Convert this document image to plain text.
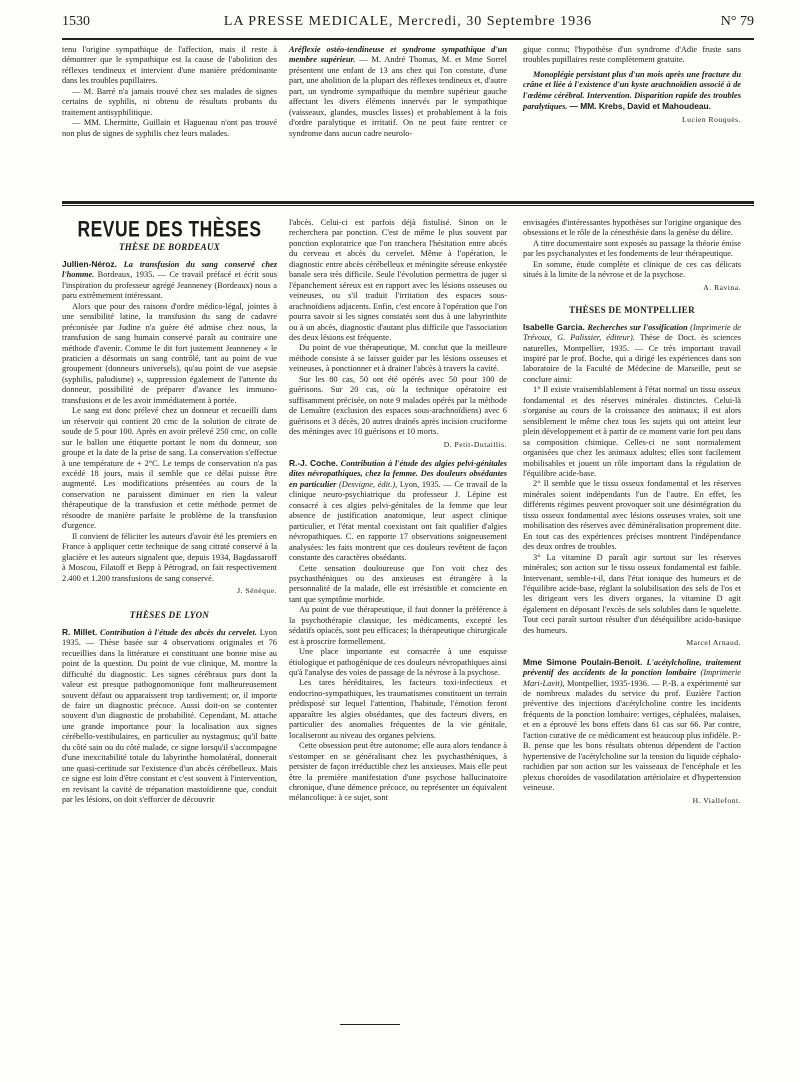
1530	LA PRESSE MEDICALE, Mercredi, 30 Septembre 1936	N° 79

tenu l'origine sympathique de l'affection, mais il reste à démontrer que le sympathique est la cause de l'abolition des réflexes tendineux et intervient d'une manière prédominante dans les troubles pupillaires.

— M. Barré n'a jamais trouvé chez ses malades de signes certains de syphilis, ni obtenu de résultats probants du traitement antisyphilitique.

— MM. Lhermitte, Guillain et Haguenau n'ont pas trouvé non plus de signes de syphilis chez leurs malades.

Aréflexie ostéo-tendineuse et syndrome sympathique d'un membre supérieur. — M. André Thomas, M. et Mme Sorrel présentent une enfant de 13 ans chez qui l'on constate, d'une part, une abolition de la plupart des réflexes tendineux et, d'autre part, un syndrome sympathique du membre supérieur gauche affectant les divers éléments innervés par le sympathique (vaisseaux, glandes, muscles lisses) et probablement à la fois d'ordre paralytique et irritatif. On ne peut faire rentrer ce syndrome dans aucun cadre neurolo-

gique connu; l'hypothèse d'un syndrome d'Adie fruste sans troubles pupillaires reste complètement gratuite.

Monoplégie persistant plus d'un mois après une fracture du crâne et liée à l'existence d'un kyste arachnoïdien associé à de l'œdème cérébral. Intervention. Disparition rapide des troubles paralytiques. — MM. Krebs, David et Mahoudeau.

Lucien Rouquès.
REVUE DES THÈSES
THÈSE DE BORDEAUX

Jullien-Néroz. La transfusion du sang conservé chez l'homme. Bordeaux, 1935. — Ce travail préfacé et écrit sous l'inspiration du professeur agrégé Jeanneney (Bordeaux) nous a paru extrêmement intéressant.

Alors que pour des raisons d'ordre médico-légal, jointes à une sensibilité latine, la transfusion du sang de cadavre préconisée par Judine n'a guère été admise chez nous, la transfusion de sang humain conservé paraît au contraire une méthode d'avenir. Comme le dit fort justement Jeanneney « le praticien a désormais un sang contrôlé, tant au point de vue groupement (donneurs universels), qu'au point de vue asepsie (syphilis, paludisme) », suppression également de l'attente du donneur, possibilité de préparer d'avance les immuno-transfusions et de les avoir immédiatement à portée.

Le sang est donc prélevé chez un donneur et recueilli dans un réservoir qui contient 20 cmc de la solution de citrate de soude de 5 pour 100. Après en avoir prélevé 250 cmc, on colle sur le ballon une étiquette portant le nom du donneur, son groupe et la date de la prise de sang. La conservation s'effectue à une température de + 2°C. Le temps de conservation n'a pas excédé 18 jours, mais il semble que ce délai puisse être augmenté. Les modifications présentées au cours de la conservation ne paraissent diminuer en rien la valeur thérapeutique de la transfusion et cette méthode permet de résoudre de manière parfaite le problème de la transfusion d'urgence.

Il convient de féliciter les auteurs d'avoir été les premiers en France à appliquer cette technique de sang citraté conservé à la glacière et les auteurs signalent que, depuis 1934, Bagdassaroff à Moscou, Filatoff et Bepp à Pétrograd, on fait respectivement 2.400 et 1.200 transfusions de sang conservé.

J. Sénèque.
THÈSES DE LYON

R. Millet. Contribution à l'étude des abcès du cervelet. Lyon 1935. — Thèse basée sur 4 observations originales et 76 recueillies dans la littérature et constituant une bonne mise au point de la question. Du point de vue clinique, M. montre la difficulté du diagnostic. Les signes cérébraux purs dont la valeur est presque pathognomonique font malheureusement souvent défaut ou apparaissent trop tardivement; or, il importe de faire un diagnostic précoce. Aussi doit-on se contenter souvent d'un diagnostic de probabilité. Cependant, M. attache une grande importance pour la localisation aux signes cérébello-vestibulaires, en particulier au nystagmus; qu'il batte du côté sain ou du côté malade, ce signe lorsqu'il s'accompagne d'une inexcitabilité totale du labyrinthe homolatéral, donnerait une quasi-certitude sur l'existence d'un abcès cérébelleux. Mais ce signe est loin d'être constant et c'est souvent à l'intervention, en revisant la cavité de trépanation mastoïdienne que, conduit par les lésions, on doit s'efforcer de découvrir

l'abcès. Celui-ci est parfois déjà fistulisé. Sinon on le recherchera par ponction. C'est de même le plus souvent par ponction exploratrice que l'on tranchera l'hésitation entre abcès du cerveau et abcès du cervelet. Même à l'opération, le diagnostic entre abcès cérébelleux et méningite séreuse enkystée banale sera très difficile. Seule l'évolution permettra de juger si l'épanchement séreux est en rapport avec les lésions osseuses ou veineuses, ou s'il traduit l'irritation des espaces sous-arachnoïdiens adjacents. Enfin, c'est encore à l'opération que l'on pourra savoir si les signes constatés sont dus à une labyrinthite ou à un abcès, diagnostic d'autant plus difficile que l'association des deux lésions est fréquente.

Du point de vue thérapeutique, M. conclut que la meilleure méthode consiste à se laisser guider par les lésions osseuses et veineuses, à ponctionner et à drainer l'abcès à travers la cavité.

Sur les 80 cas, 50 ont été opérés avec 50 pour 100 de guérisons. Sur 20 cas, où la technique opératoire est suffisamment précisée, on note 9 malades opérés par la méthode de Lemaître (exclusion des espaces sous-arachnoïdiens) avec 6 guérisons et 3 décès, 20 autres drainés après incision cruciforme des méninges avec 10 guérisons et 10 morts.

D. Petit-Dutaillis.

R.-J. Coche. Contribution à l'étude des algies pelvi-génitales dites névropathiques, chez la femme. Des douleurs obsédantes en particulier (Desvigne, édit.), Lyon, 1935. — Ce travail de la clinique neuro-psychiatrique du professeur J. Lépine est consacré à ces algies pelvi-génitales de la femme que leur absence de justification anatomique, leur aspect clinique particulier, et l'état mental coexistant ont fait qualifier d'algies névropathiques. C. en rapporte 17 observations soigneusement analysées: les faits montrent que ces douleurs revêtent de façon constante des caractères obsédants.

Cette sensation douloureuse que l'on voit chez des psychasthéniques ou des anxieuses est étrangère à la personnalité de la malade, elle est irrésistible et consciente en tant que symptôme morbide.

Au point de vue thérapeutique, il faut donner la préférence à la psychothérapie classique, les médicaments, excepté les sédatifs opiacés, sont peu efficaces; la thérapeutique chirurgicale est à proscrire formellement.

Une place importante est consacrée à une esquisse étiologique et pathogénique de ces douleurs névropathiques ainsi qu'à l'analyse des voies de passage de la névrose à la psychose.

Les tares héréditaires, les facteurs toxi-infectieux et endocrino-sympathiques, les traumatismes constituent un terrain prédisposé sur lequel l'attention, l'habitude, l'émotion feront apparaître les algies obsédantes, que des facteurs divers, en particulier des anomalies fréquentes de la vie génitale, localiseront au niveau des organes pelviens.

Cette obsession peut être autonome; elle aura alors tendance à s'estomper en se généralisant chez les psychasthéniques, à persister de façon irréductible chez les anxieuses. Mais elle peut être la première manifestation d'une psychose hallucinatoire chronique, d'une démence précoce, ou représenter un équivalent mélancolique: à ce sujet, sont

envisagées d'intéressantes hypothèses sur l'origine organique des obsessions et le rôle de la cénesthésie dans la genèse du délire.

A titre documentaire sont exposés au passage la théorie émise par les psychanalystes et les fondements de leur thérapeutique.

En somme, étude complète et clinique de ces cas délicats situés à la limite de la névrose et de la psychose.

A. Ravina.
THÈSES DE MONTPELLIER

Isabelle Garcia. Recherches sur l'ossification (Imprimerie de Trévoux, G. Palissier, éditeur). Thèse de Doct. ès sciences naturelles, Montpellier, 1935. — Ce très important travail inspiré par le prof. Boche, qui a dirigé les expériences dans son laboratoire de la Faculté de Médecine de Marseille, peut se conclure ainsi:

1° Il existe vraisemblablement à l'état normal un tissu osseux fondamental et des réserves minérales distinctes. Celui-là s'organise au cours de la croissance des animaux; il est alors sensiblement le même chez tous les sujets qui ont atteint leur plein développement et à partir de ce moment varie fort peu dans sa composition chimique. Celles-ci ne sont normalement organisées que chez les animaux adultes; elles sont facilement mobilisables et jouent un rôle important dans la régulation de l'équilibre acide-base.

2° Il semble que le tissu osseux fondamental et les réserves minérales soient indépendants l'un de l'autre. En effet, les différents régimes peuvent provoquer soit une désintégration du tissu osseux fondamental avec lésions osseuses vraies, soit une mobilisation des réserves avec déminéralisation proprement dite. En tout cas des expériences précises montrent l'indépendance des deux ordres de troubles.

3° La vitamine D paraît agir surtout sur les réserves minérales; son action sur le tissu osseux fondamental est faible. Intervenant, semble-t-il, dans l'état ionique des humeurs et de l'équilibre acide-base, réglant la solubilisation des sels de l'os et les dirigeant vers les divers organes, la vitamine D agit également en déposant l'excès de sels solubles dans le squelette. Tout ceci paraît surtout résulter d'un déséquilibre acido-basique des humeurs.

Marcel Arnaud.

Mme Simone Poulain-Benoit. L'acétylcholine, traitement préventif des accidents de la ponction lombaire (Imprimerie Mari-Lavit), Montpellier, 1935-1936. — P.-B. a expérimenté sur de nombreux malades du service du prof. Euzière l'action préventive des injections d'acétylcholine contre les incidents fréquents de la ponction lombaire: vertiges, céphalées, malaises, et en a éprouvé les bons effets dans 61 cas sur 66. Par contre, l'action curative de ce médicament est beaucoup plus infidèle. P.-B. pense que les bons résultats obtenus dépendent de l'action hypertensive de l'acétylcholine sur la tension du liquide céphalo-rachidien par son action sur les vaisseaux de l'encéphale et les plexus choroïdes de vasodilatation artériolaire et d'hypertension veineuse.

H. Viallefont.
